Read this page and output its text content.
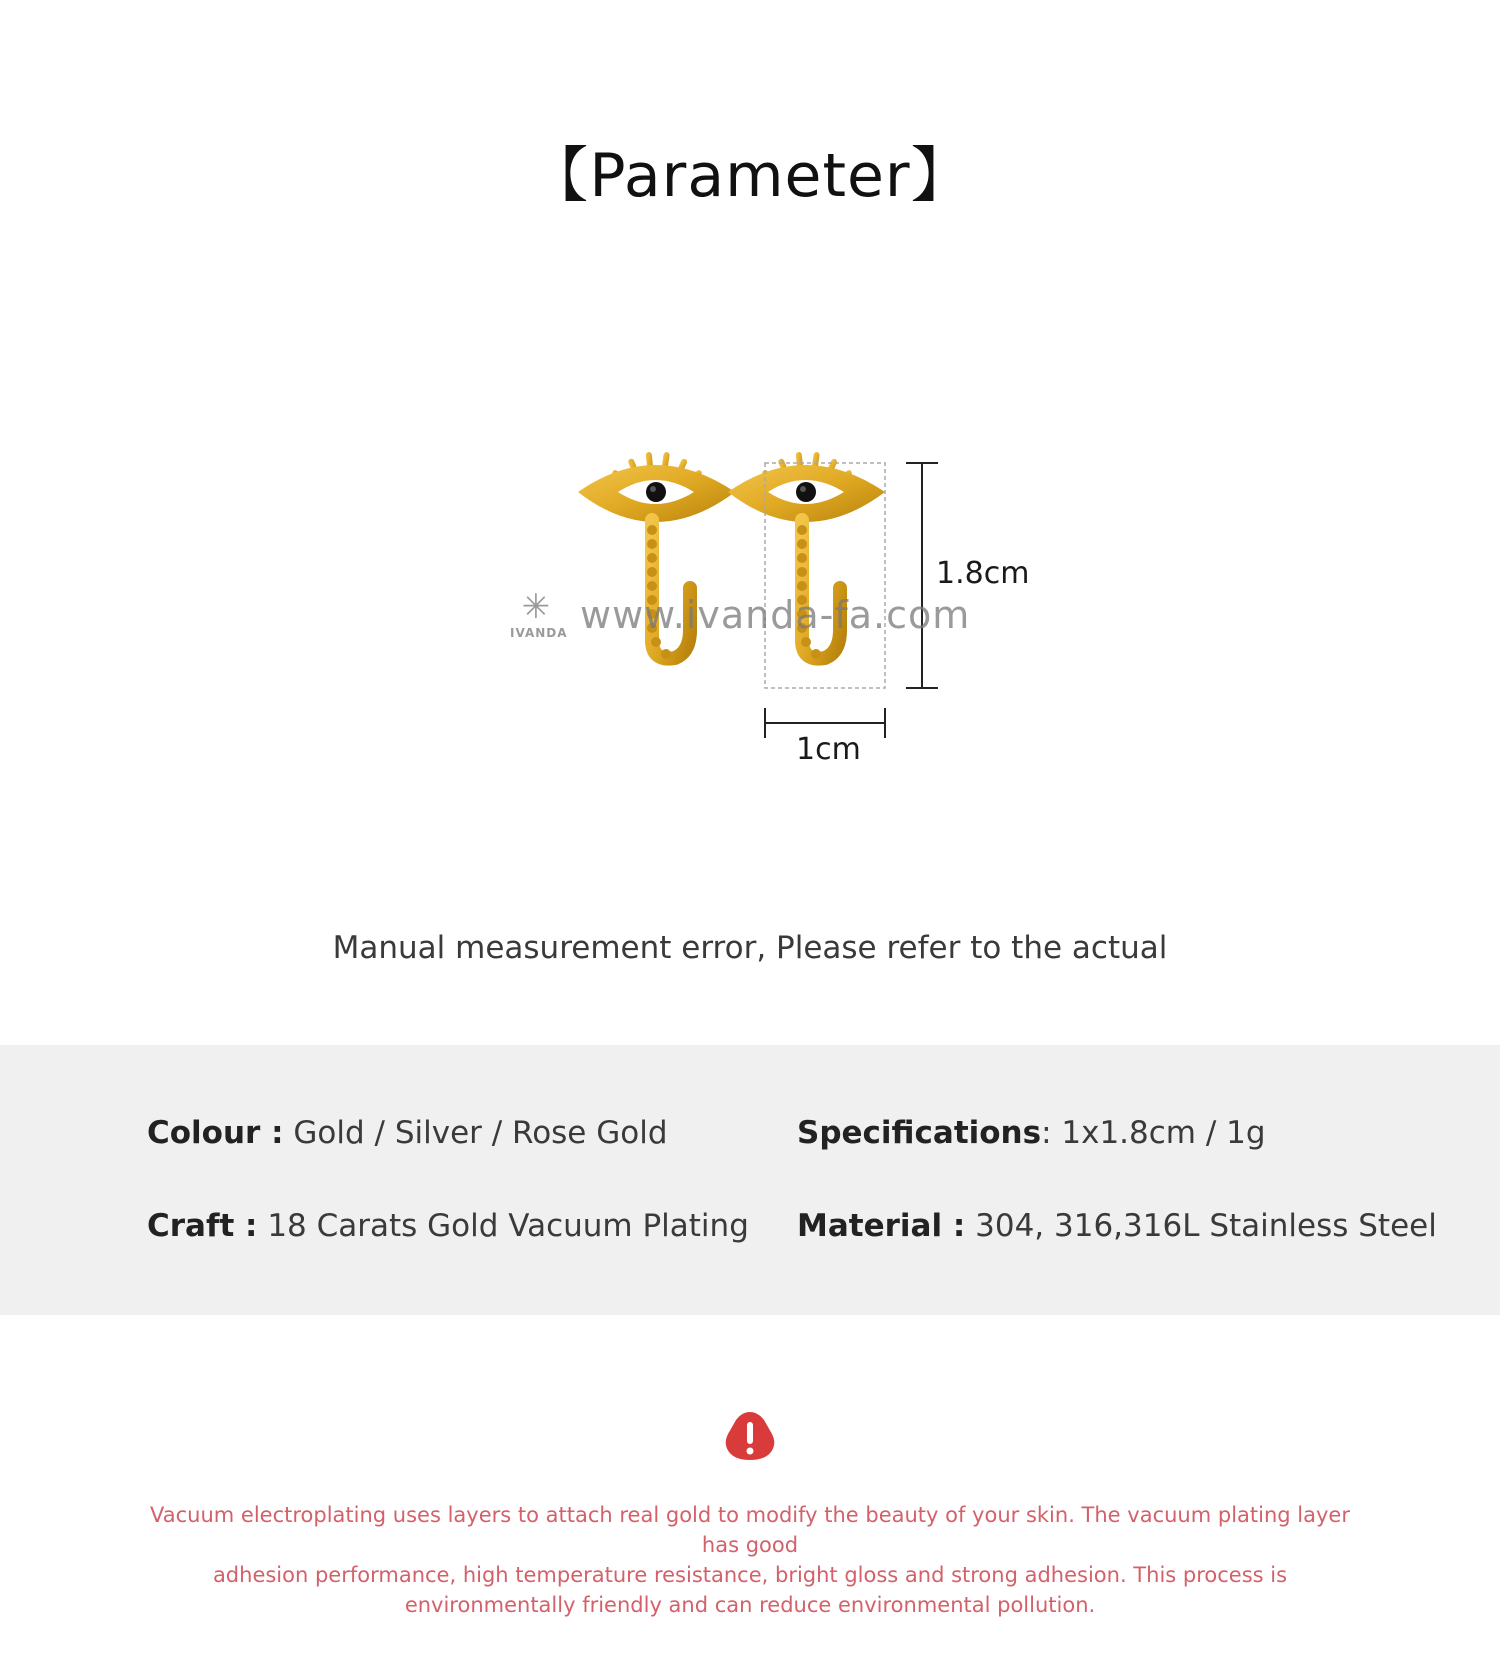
【Parameter】
✳
IVANDA www.ivanda-fa.com
1.8cm
1cm
Manual measurement error, Please refer to the actual
Colour : Gold / Silver / Rose Gold	Specifications: 1x1.8cm / 1g
Craft : 18 Carats Gold Vacuum Plating Material : 304, 316,316L Stainless Steel
Vacuum electroplating uses layers to attach real gold to modify the beauty of your skin. The vacuum plating layer has good
adhesion performance, high temperature resistance, bright gloss and strong adhesion. This process is
environmentally friendly and can reduce environmental pollution.
